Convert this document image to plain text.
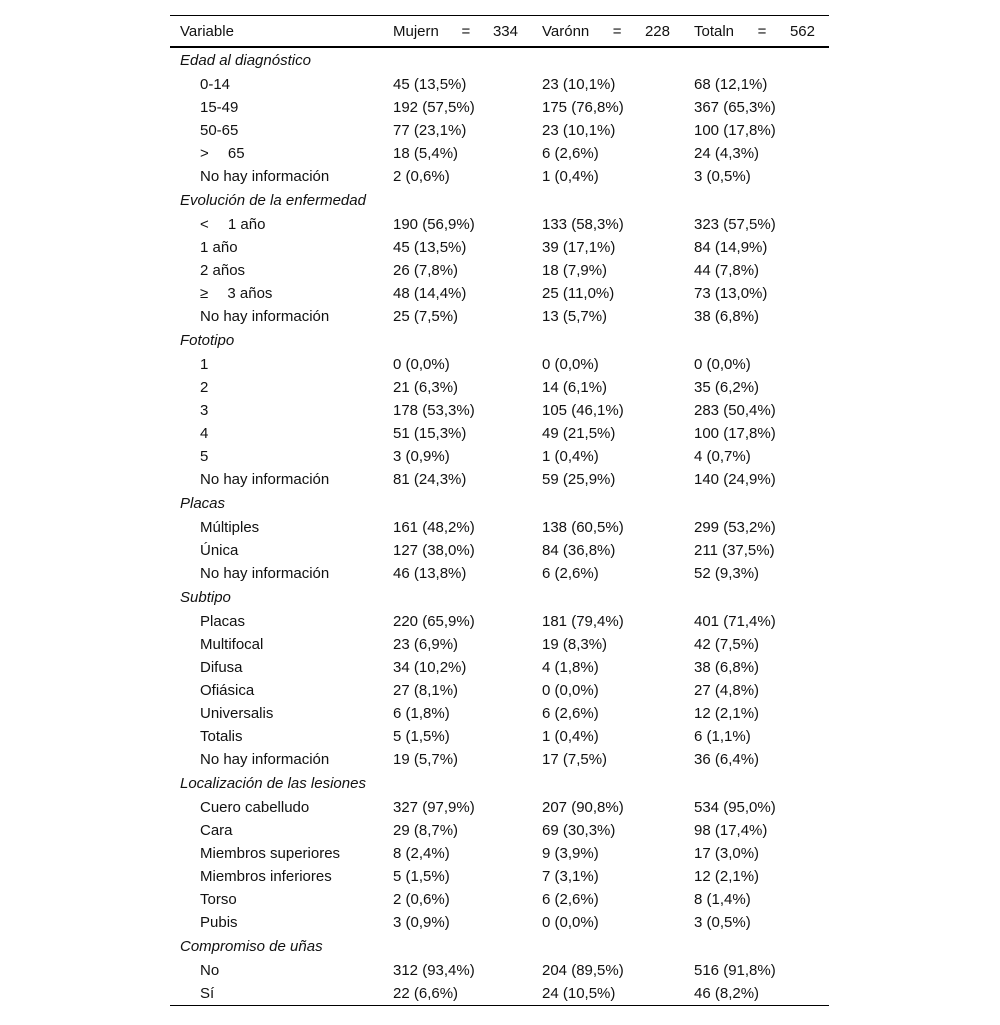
Variable	Mujern = 334	Varónn = 228	Totaln = 562

Edad al diagnóstico			
0-14	45 (13,5%)	23 (10,1%)	68 (12,1%)
15-49	192 (57,5%)	175 (76,8%)	367 (65,3%)
50-65	77 (23,1%)	23 (10,1%)	100 (17,8%)
>  65	18 (5,4%)	6 (2,6%)	24 (4,3%)
No hay información	2 (0,6%)	1 (0,4%)	3 (0,5%)
Evolución de la enfermedad			
<  1 año	190 (56,9%)	133 (58,3%)	323 (57,5%)
1 año	45 (13,5%)	39 (17,1%)	84 (14,9%)
2 años	26 (7,8%)	18 (7,9%)	44 (7,8%)
≥  3 años	48 (14,4%)	25 (11,0%)	73 (13,0%)
No hay información	25 (7,5%)	13 (5,7%)	38 (6,8%)
Fototipo			
1	0 (0,0%)	0 (0,0%)	0 (0,0%)
2	21 (6,3%)	14 (6,1%)	35 (6,2%)
3	178 (53,3%)	105 (46,1%)	283 (50,4%)
4	51 (15,3%)	49 (21,5%)	100 (17,8%)
5	3 (0,9%)	1 (0,4%)	4 (0,7%)
No hay información	81 (24,3%)	59 (25,9%)	140 (24,9%)
Placas			
Múltiples	161 (48,2%)	138 (60,5%)	299 (53,2%)
Única	127 (38,0%)	84 (36,8%)	211 (37,5%)
No hay información	46 (13,8%)	6 (2,6%)	52 (9,3%)
Subtipo			
Placas	220 (65,9%)	181 (79,4%)	401 (71,4%)
Multifocal	23 (6,9%)	19 (8,3%)	42 (7,5%)
Difusa	34 (10,2%)	4 (1,8%)	38 (6,8%)
Ofiásica	27 (8,1%)	0 (0,0%)	27 (4,8%)
Universalis	6 (1,8%)	6 (2,6%)	12 (2,1%)
Totalis	5 (1,5%)	1 (0,4%)	6 (1,1%)
No hay información	19 (5,7%)	17 (7,5%)	36 (6,4%)
Localización de las lesiones			
Cuero cabelludo	327 (97,9%)	207 (90,8%)	534 (95,0%)
Cara	29 (8,7%)	69 (30,3%)	98 (17,4%)
Miembros superiores	8 (2,4%)	9 (3,9%)	17 (3,0%)
Miembros inferiores	5 (1,5%)	7 (3,1%)	12 (2,1%)
Torso	2 (0,6%)	6 (2,6%)	8 (1,4%)
Pubis	3 (0,9%)	0 (0,0%)	3 (0,5%)
Compromiso de uñas			
No	312 (93,4%)	204 (89,5%)	516 (91,8%)
Sí	22 (6,6%)	24 (10,5%)	46 (8,2%)
